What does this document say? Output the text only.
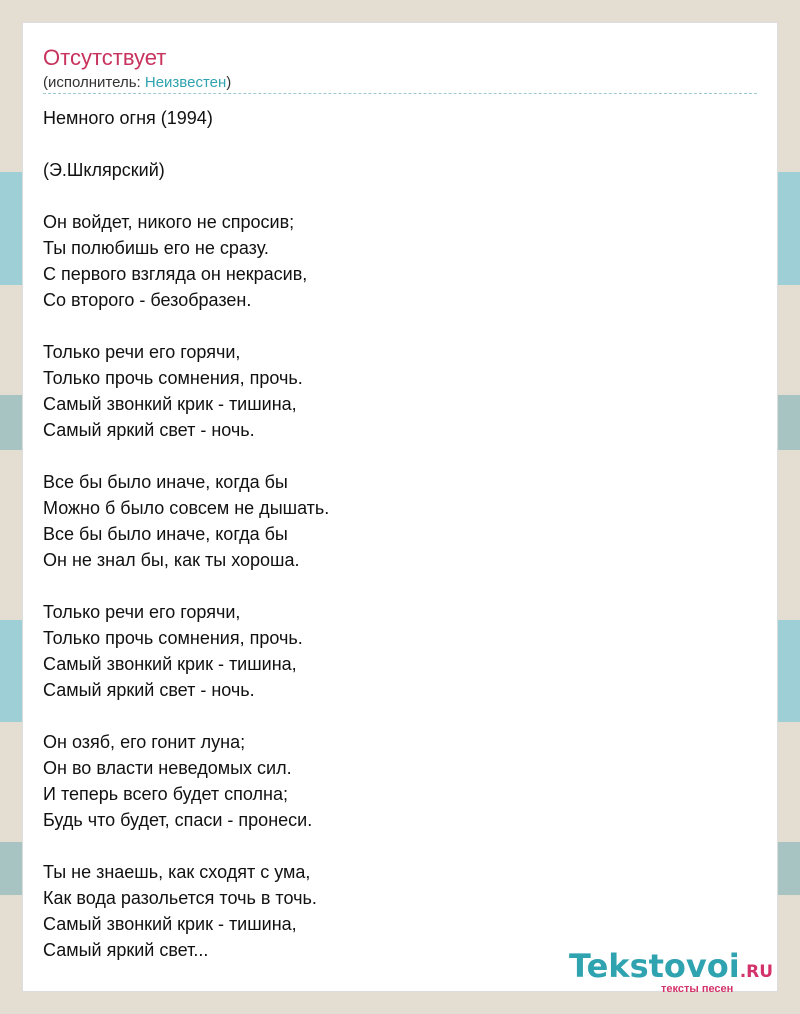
Отсутствует
(исполнитель: Неизвестен)
Немного огня (1994)
(Э.Шклярский)
Он войдет, никого не спросив;
Ты полюбишь его не сразу.
С первого взгляда он некрасив,
Со второго - безобразен.
Только речи его горячи,
Только прочь сомнения, прочь.
Самый звонкий крик - тишина,
Самый яркий свет - ночь.
Все бы было иначе, когда бы
Можно б было совсем не дышать.
Все бы было иначе, когда бы
Он не знал бы, как ты хороша.
Только речи его горячи,
Только прочь сомнения, прочь.
Самый звонкий крик - тишина,
Самый яркий свет - ночь.
Он озяб, его гонит луна;
Он во власти неведомых сил.
И теперь всего будет сполна;
Будь что будет, спаси - пронеси.
Ты не знаешь, как сходят с ума,
Как вода разольется точь в точь.
Самый звонкий крик - тишина,
Самый яркий свет...	Tekstovoi.RU
тексты песен
